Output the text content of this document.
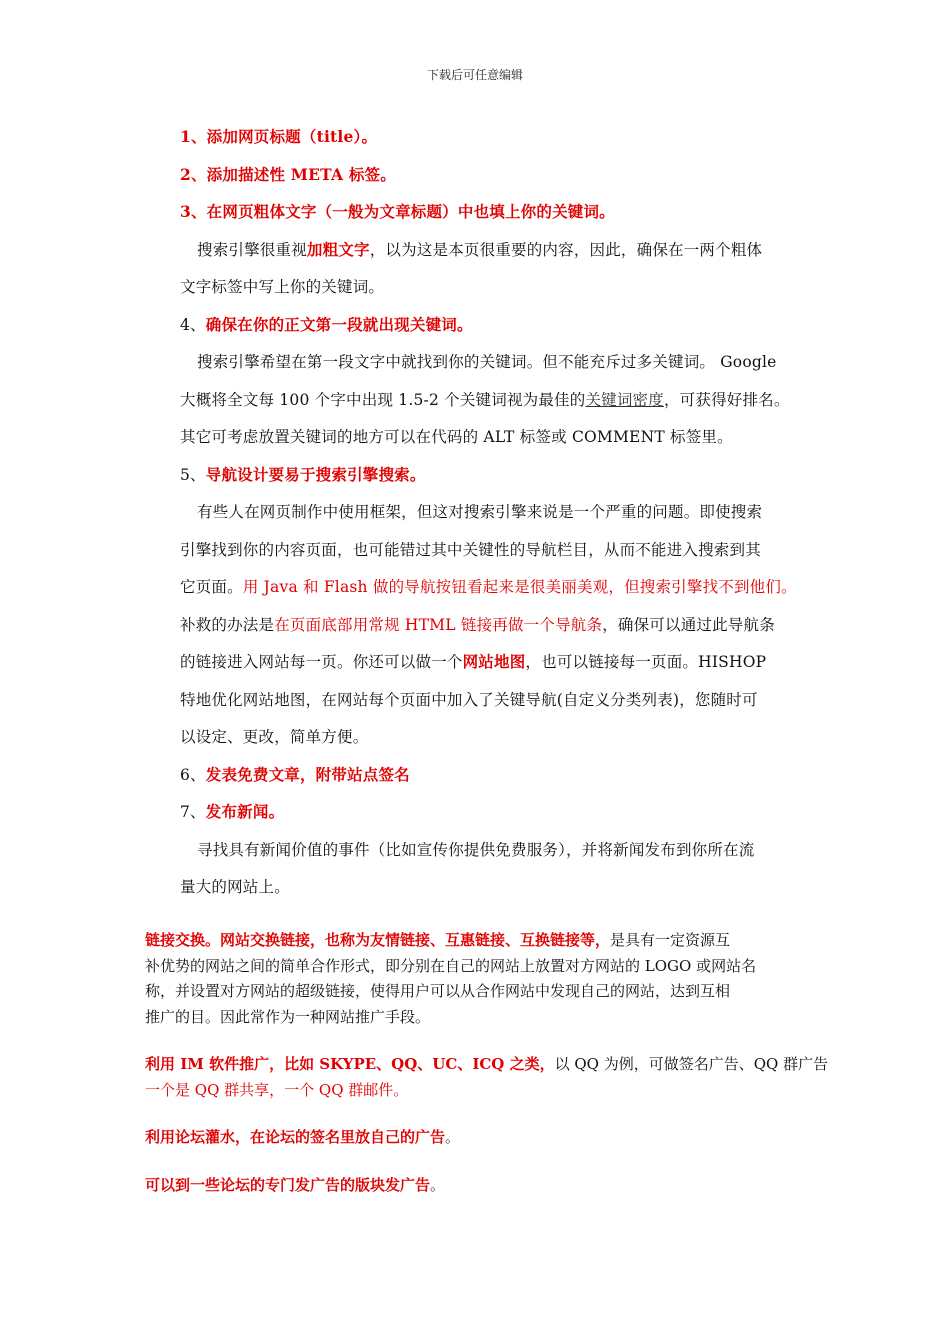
下载后可任意编辑
1、添加网页标题（title）。
2、添加描述性 META 标签。
3、在网页粗体文字（一般为文章标题）中也填上你的关键词。
搜索引擎很重视加粗文字，以为这是本页很重要的内容，因此，确保在一两个粗体
文字标签中写上你的关键词。
4、确保在你的正文第一段就出现关键词。
搜索引擎希望在第一段文字中就找到你的关键词。但不能充斥过多关键词。 Google
大概将全文每 100 个字中出现 1.5-2 个关键词视为最佳的关键词密度，可获得好排名。
其它可考虑放置关键词的地方可以在代码的 ALT 标签或 COMMENT 标签里。
5、导航设计要易于搜索引擎搜索。
有些人在网页制作中使用框架，但这对搜索引擎来说是一个严重的问题。即使搜索
引擎找到你的内容页面，也可能错过其中关键性的导航栏目，从而不能进入搜索到其
它页面。用 Java 和 Flash 做的导航按钮看起来是很美丽美观，但搜索引擎找不到他们。
补救的办法是在页面底部用常规 HTML 链接再做一个导航条，确保可以通过此导航条
的链接进入网站每一页。你还可以做一个网站地图，也可以链接每一页面。HISHOP
特地优化网站地图，在网站每个页面中加入了关键导航(自定义分类列表)，您随时可
以设定、更改，简单方便。
6、发表免费文章，附带站点签名
7、发布新闻。
寻找具有新闻价值的事件（比如宣传你提供免费服务），并将新闻发布到你所在流
量大的网站上。
链接交换。网站交换链接，也称为友情链接、互惠链接、互换链接等，是具有一定资源互
补优势的网站之间的简单合作形式，即分别在自己的网站上放置对方网站的 LOGO 或网站名
称，并设置对方网站的超级链接，使得用户可以从合作网站中发现自己的网站，达到互相
推广的目。因此常作为一种网站推广手段。
利用 IM 软件推广，比如 SKYPE、QQ、UC、ICQ 之类，以 QQ 为例，可做签名广告、QQ 群广告
一个是 QQ 群共享，一个 QQ 群邮件。
利用论坛灌水，在论坛的签名里放自己的广告。
可以到一些论坛的专门发广告的版块发广告。
